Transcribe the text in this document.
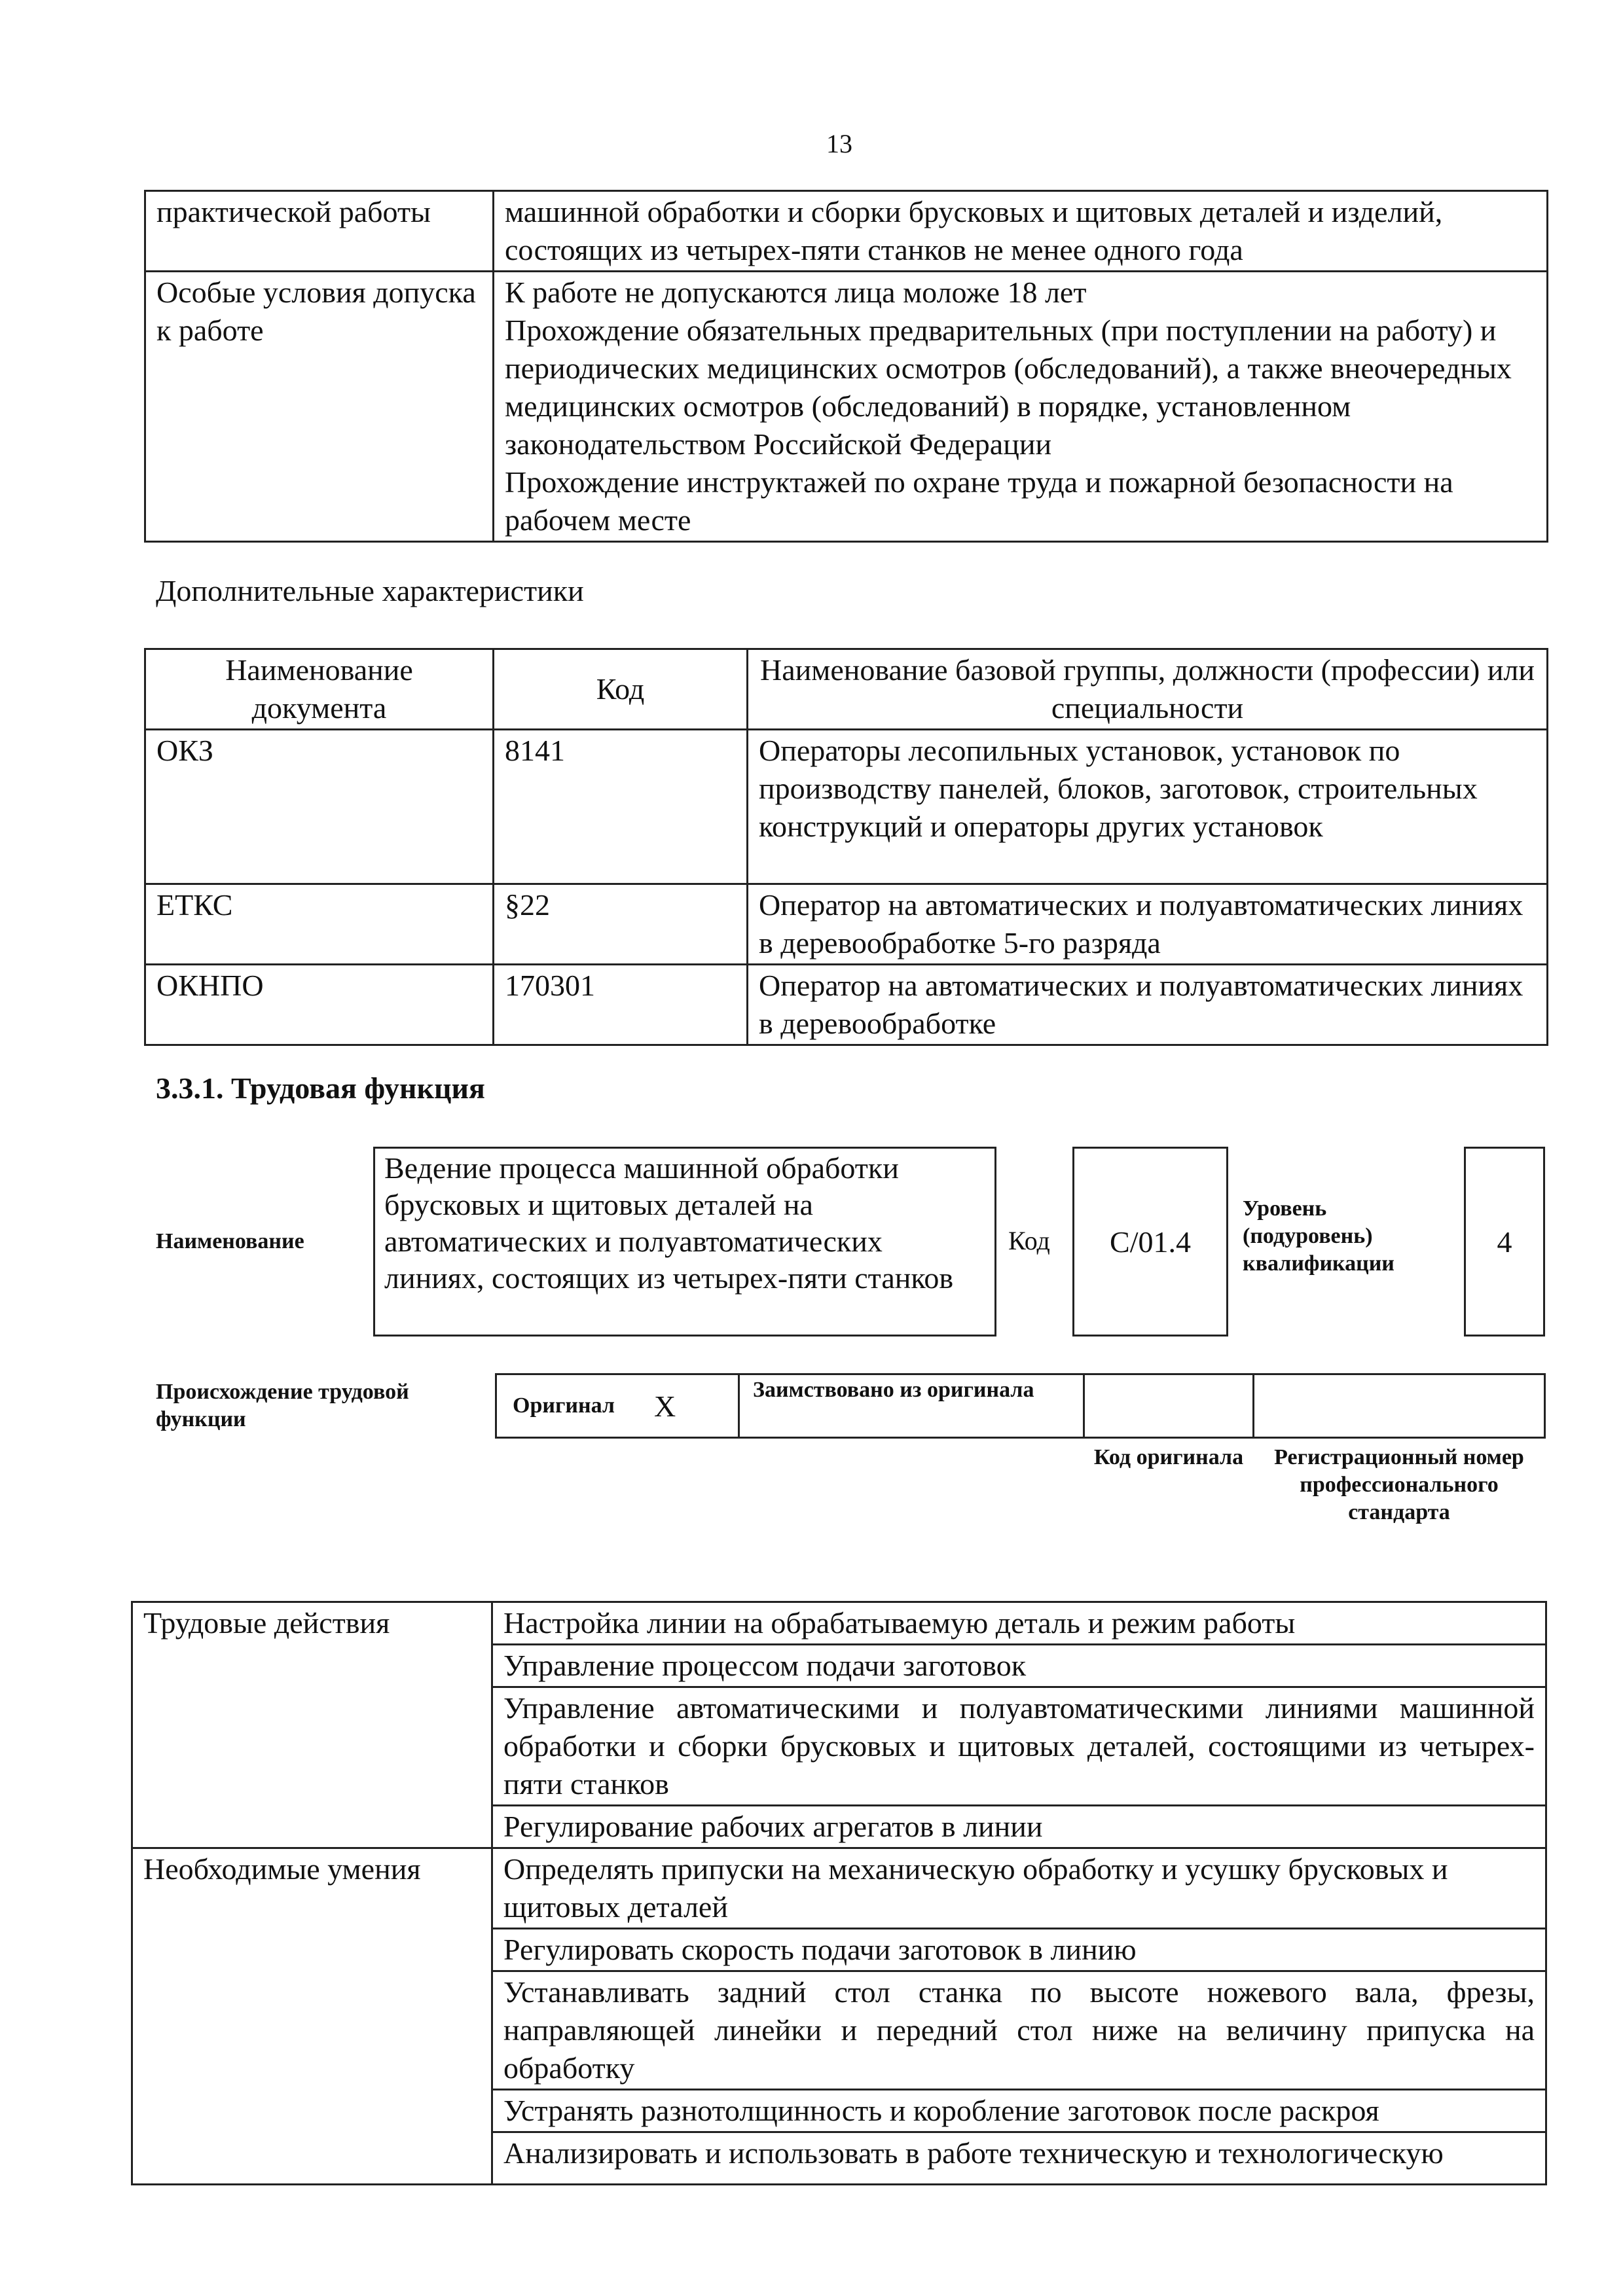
13
практической работы	машинной обработки и сборки брусковых и щитовых деталей и изделий, состоящих из четырех-пяти станков не менее одного года
Особые условия допуска к работе	К работе не допускаются лица моложе 18 лет
Прохождение обязательных предварительных (при поступлении на работу) и периодических медицинских осмотров (обследований), а также внеочередных медицинских осмотров (обследований) в порядке, установленном законодательством Российской Федерации
Прохождение инструктажей по охране труда и пожарной безопасности на рабочем месте
Дополнительные характеристики
Наименование документа	Код	Наименование базовой группы, должности (профессии) или специальности
ОКЗ	8141	Операторы лесопильных установок, установок по производству панелей, блоков, заготовок, строительных конструкций и операторы других установок
ЕТКС	§22	Оператор на автоматических и полуавтоматических линиях в деревообработке 5-го разряда
ОКНПО	170301	Оператор на автоматических и полуавтоматических линиях в деревообработке
3.3.1. Трудовая функция
Наименование
Ведение процесса машинной обработки брусковых и щитовых деталей на автоматических и полуавтоматических линиях, состоящих из четырех-пяти станков
Код C/01.4
Уровень (подуровень) квалификации
4
Происхождение трудовой функции
Оригинал X	Заимствовано из оригинала
Код оригинала	Регистрационный номер профессионального стандарта
Трудовые действия	Настройка линии на обрабатываемую деталь и режим работы
	Управление процессом подачи заготовок
	Управление автоматическими и полуавтоматическими линиями машинной обработки и сборки брусковых и щитовых деталей, состоящими из четырех-пяти станков
	Регулирование рабочих агрегатов в линии
Необходимые умения	Определять припуски на механическую обработку и усушку брусковых и щитовых деталей
	Регулировать скорость подачи заготовок в линию
	Устанавливать задний стол станка по высоте ножевого вала, фрезы, направляющей линейки и передний стол ниже на величину припуска на обработку
	Устранять разнотолщинность и коробление заготовок после раскроя
	Анализировать и использовать в работе техническую и технологическую
